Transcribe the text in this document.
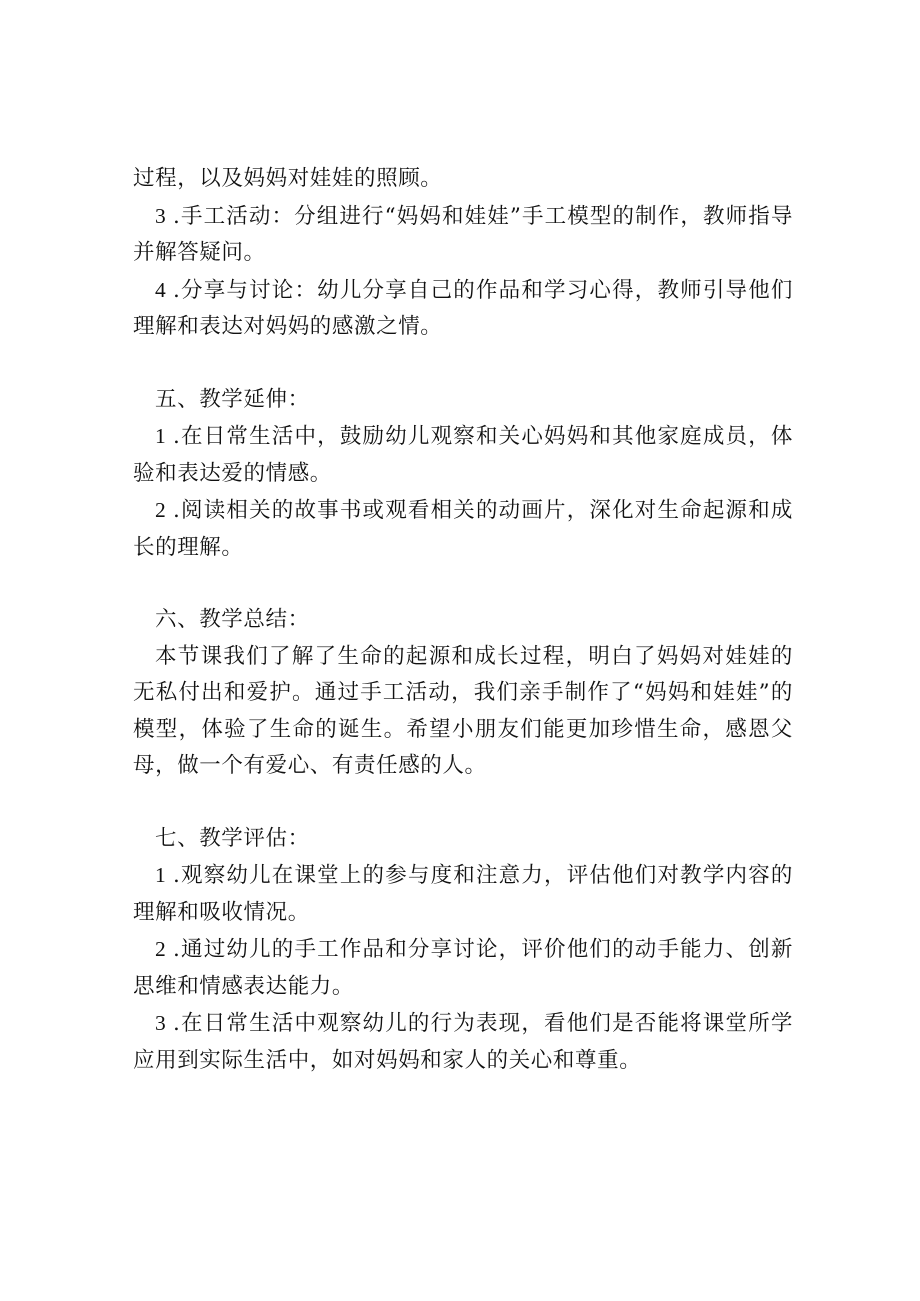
过程，以及妈妈对娃娃的照顾。

3 .手工活动：分组进行“妈妈和娃娃”手工模型的制作，教师指导并解答疑问。

4 .分享与讨论：幼儿分享自己的作品和学习心得，教师引导他们理解和表达对妈妈的感激之情。

五、教学延伸：

1 .在日常生活中，鼓励幼儿观察和关心妈妈和其他家庭成员，体验和表达爱的情感。

2 .阅读相关的故事书或观看相关的动画片，深化对生命起源和成长的理解。

六、教学总结：

本节课我们了解了生命的起源和成长过程，明白了妈妈对娃娃的无私付出和爱护。通过手工活动，我们亲手制作了“妈妈和娃娃”的模型，体验了生命的诞生。希望小朋友们能更加珍惜生命，感恩父母，做一个有爱心、有责任感的人。

七、教学评估：

1 .观察幼儿在课堂上的参与度和注意力，评估他们对教学内容的理解和吸收情况。

2 .通过幼儿的手工作品和分享讨论，评价他们的动手能力、创新思维和情感表达能力。

3 .在日常生活中观察幼儿的行为表现，看他们是否能将课堂所学应用到实际生活中，如对妈妈和家人的关心和尊重。
